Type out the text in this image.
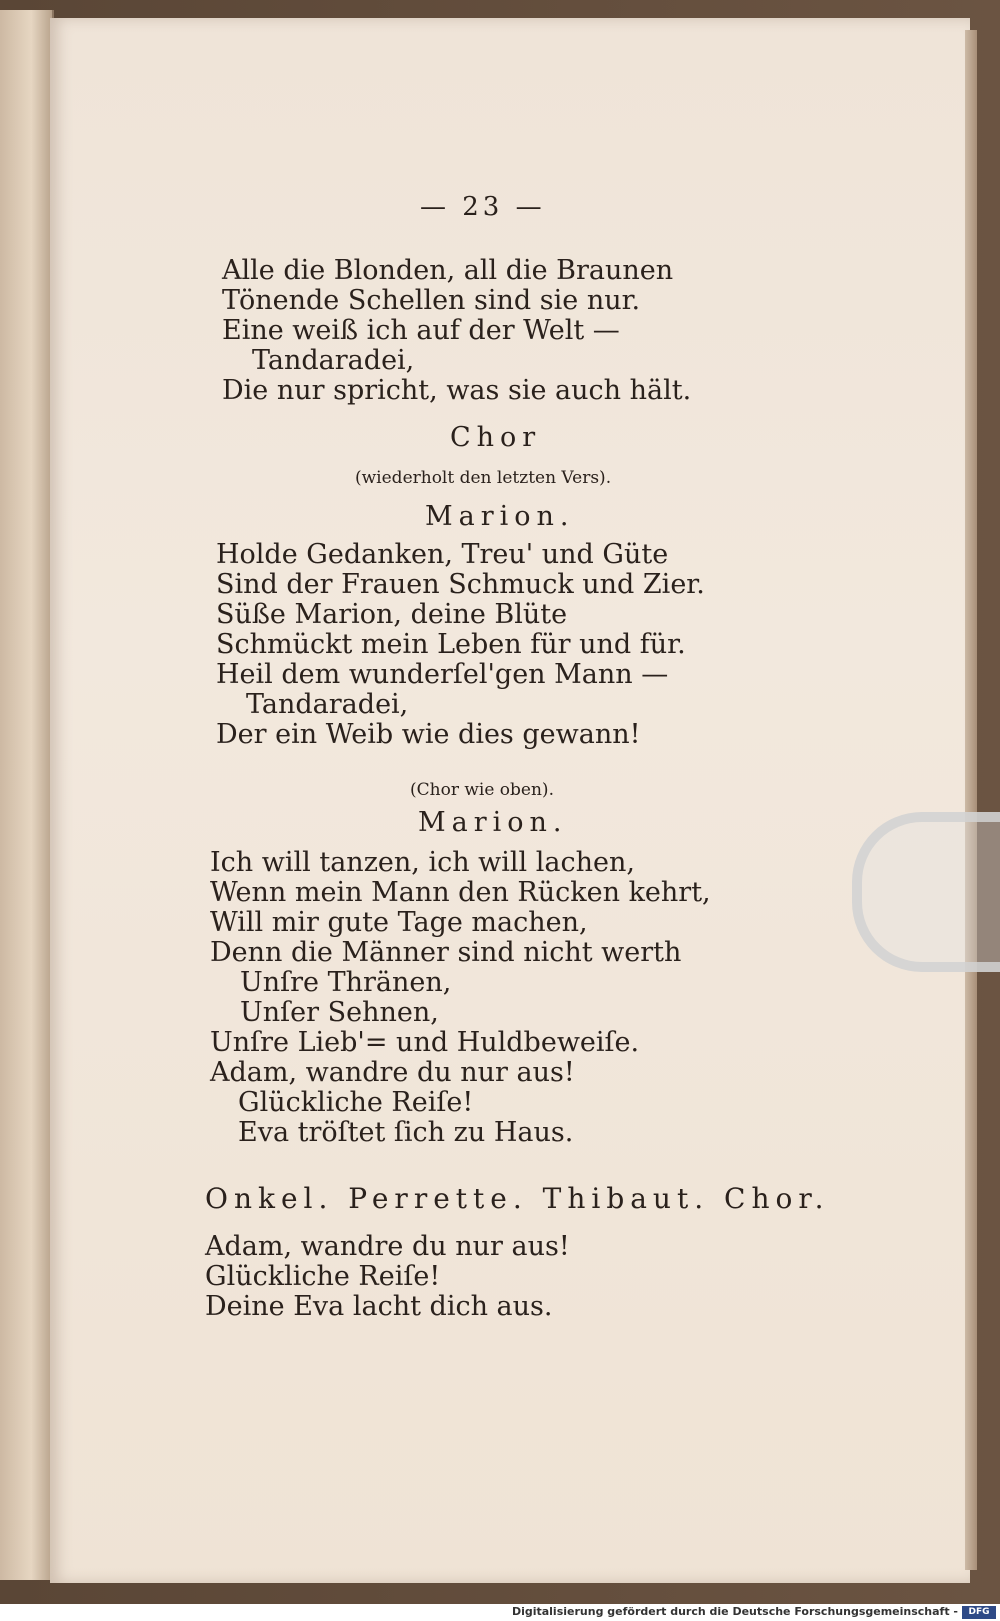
— 23 —
Alle die Blonden, all die Braunen
Tönende Schellen sind sie nur.
Eine weiß ich auf der Welt —
Tandaradei,
Die nur spricht, was sie auch hält.
Chor
(wiederholt den letzten Vers).
Marion.
Holde Gedanken, Treu' und Güte
Sind der Frauen Schmuck und Zier.
Süße Marion, deine Blüte
Schmückt mein Leben für und für.
Heil dem wunderſel'gen Mann —
Tandaradei,
Der ein Weib wie dies gewann!
(Chor wie oben).
Marion.
Ich will tanzen, ich will lachen,
Wenn mein Mann den Rücken kehrt,
Will mir gute Tage machen,
Denn die Männer sind nicht werth
Unſre Thränen,
Unſer Sehnen,
Unſre Lieb'= und Huldbeweiſe.
Adam, wandre du nur aus!
Glückliche Reiſe!
Eva tröſtet ſich zu Haus.
Onkel. Perrette. Thibaut. Chor.
Adam, wandre du nur aus!
Glückliche Reiſe!
Deine Eva lacht dich aus.
Digitalisierung gefördert durch die Deutsche Forschungsgemeinschaft -	DFG
